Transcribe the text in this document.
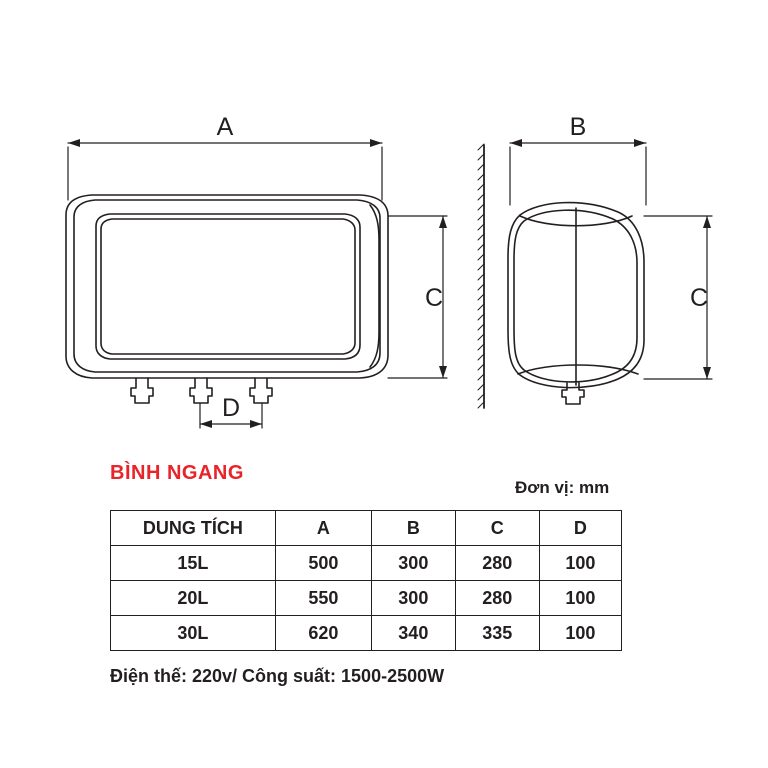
A
C
D
B
C
BÌNH NGANG
Đơn vị: mm
DUNG TÍCH	A	B	C	D
15L	500	300	280	100
20L	550	300	280	100
30L	620	340	335	100
Điện thế: 220v/ Công suất: 1500-2500W
